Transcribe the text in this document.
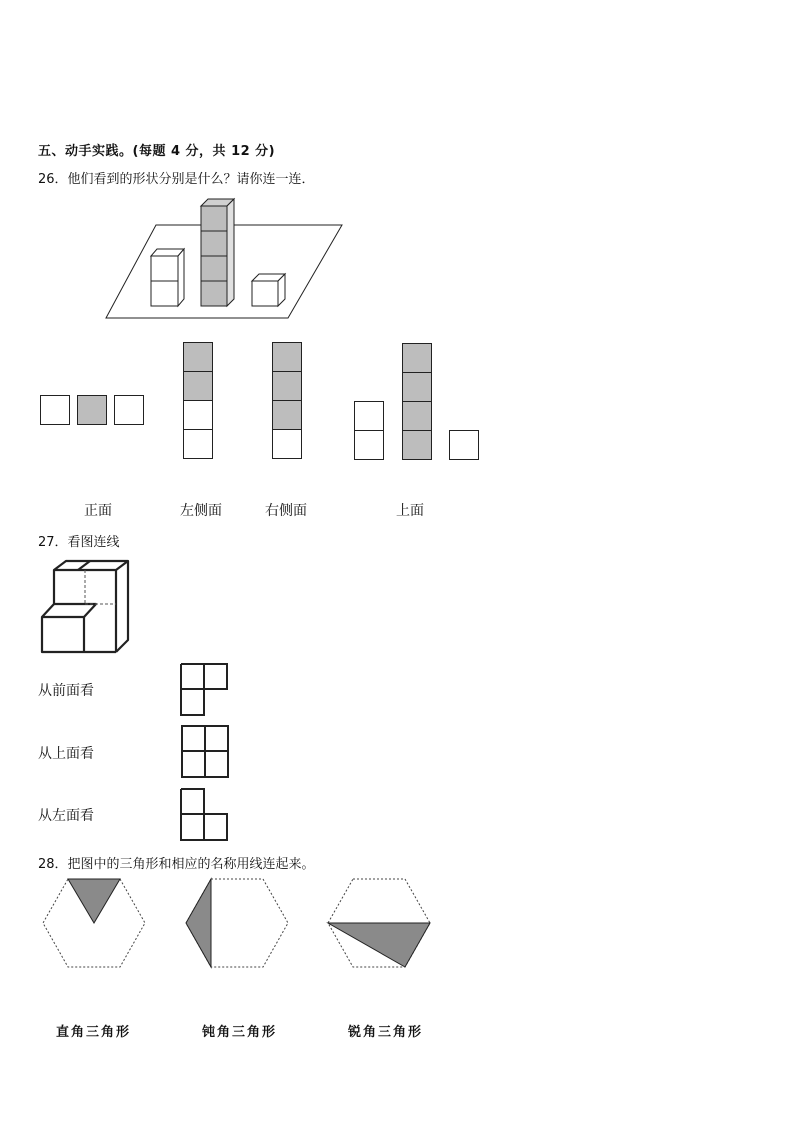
五、动手实践。(每题 4 分，共 12 分)
26．他们看到的形状分别是什么？请你连一连．
正面	左侧面	右侧面	上面
27．看图连线
从前面看
从上面看
从左面看
28．把图中的三角形和相应的名称用线连起来。
直角三角形	钝角三角形	锐角三角形
